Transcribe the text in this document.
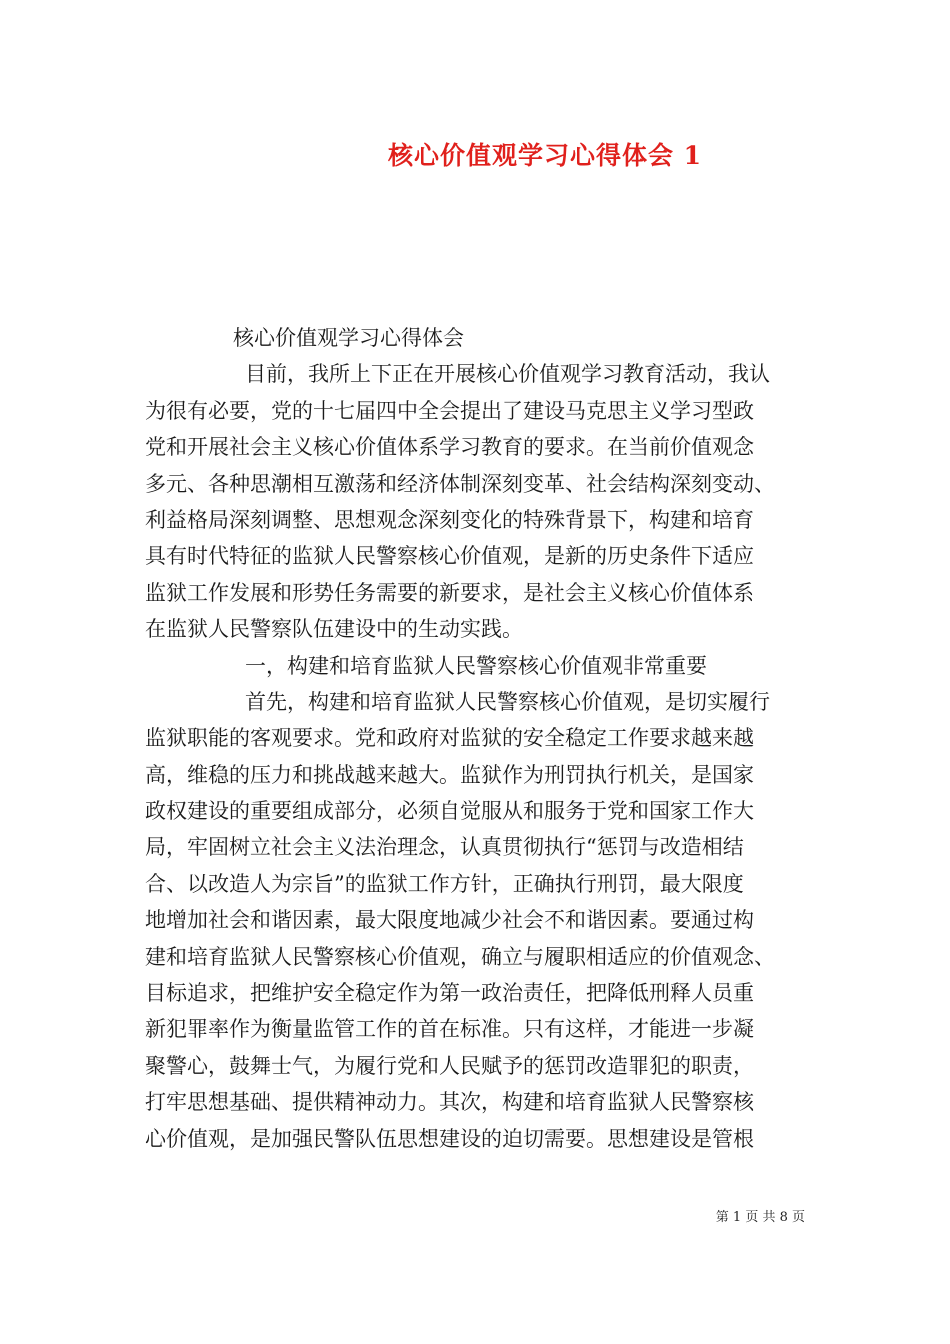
核心价值观学习心得体会 1
核心价值观学习心得体会
目前，我所上下正在开展核心价值观学习教育活动，我认
为很有必要，党的十七届四中全会提出了建设马克思主义学习型政
党和开展社会主义核心价值体系学习教育的要求。在当前价值观念
多元、各种思潮相互激荡和经济体制深刻变革、社会结构深刻变动、
利益格局深刻调整、思想观念深刻变化的特殊背景下，构建和培育
具有时代特征的监狱人民警察核心价值观，是新的历史条件下适应
监狱工作发展和形势任务需要的新要求，是社会主义核心价值体系
在监狱人民警察队伍建设中的生动实践。
一，构建和培育监狱人民警察核心价值观非常重要
首先，构建和培育监狱人民警察核心价值观，是切实履行
监狱职能的客观要求。党和政府对监狱的安全稳定工作要求越来越
高，维稳的压力和挑战越来越大。监狱作为刑罚执行机关，是国家
政权建设的重要组成部分，必须自觉服从和服务于党和国家工作大
局，牢固树立社会主义法治理念，认真贯彻执行“惩罚与改造相结
合、以改造人为宗旨”的监狱工作方针，正确执行刑罚，最大限度
地增加社会和谐因素，最大限度地减少社会不和谐因素。要通过构
建和培育监狱人民警察核心价值观，确立与履职相适应的价值观念、
目标追求，把维护安全稳定作为第一政治责任，把降低刑释人员重
新犯罪率作为衡量监管工作的首在标准。只有这样，才能进一步凝
聚警心，鼓舞士气，为履行党和人民赋予的惩罚改造罪犯的职责，
打牢思想基础、提供精神动力。其次，构建和培育监狱人民警察核
心价值观，是加强民警队伍思想建设的迫切需要。思想建设是管根
第 1 页 共 8 页
